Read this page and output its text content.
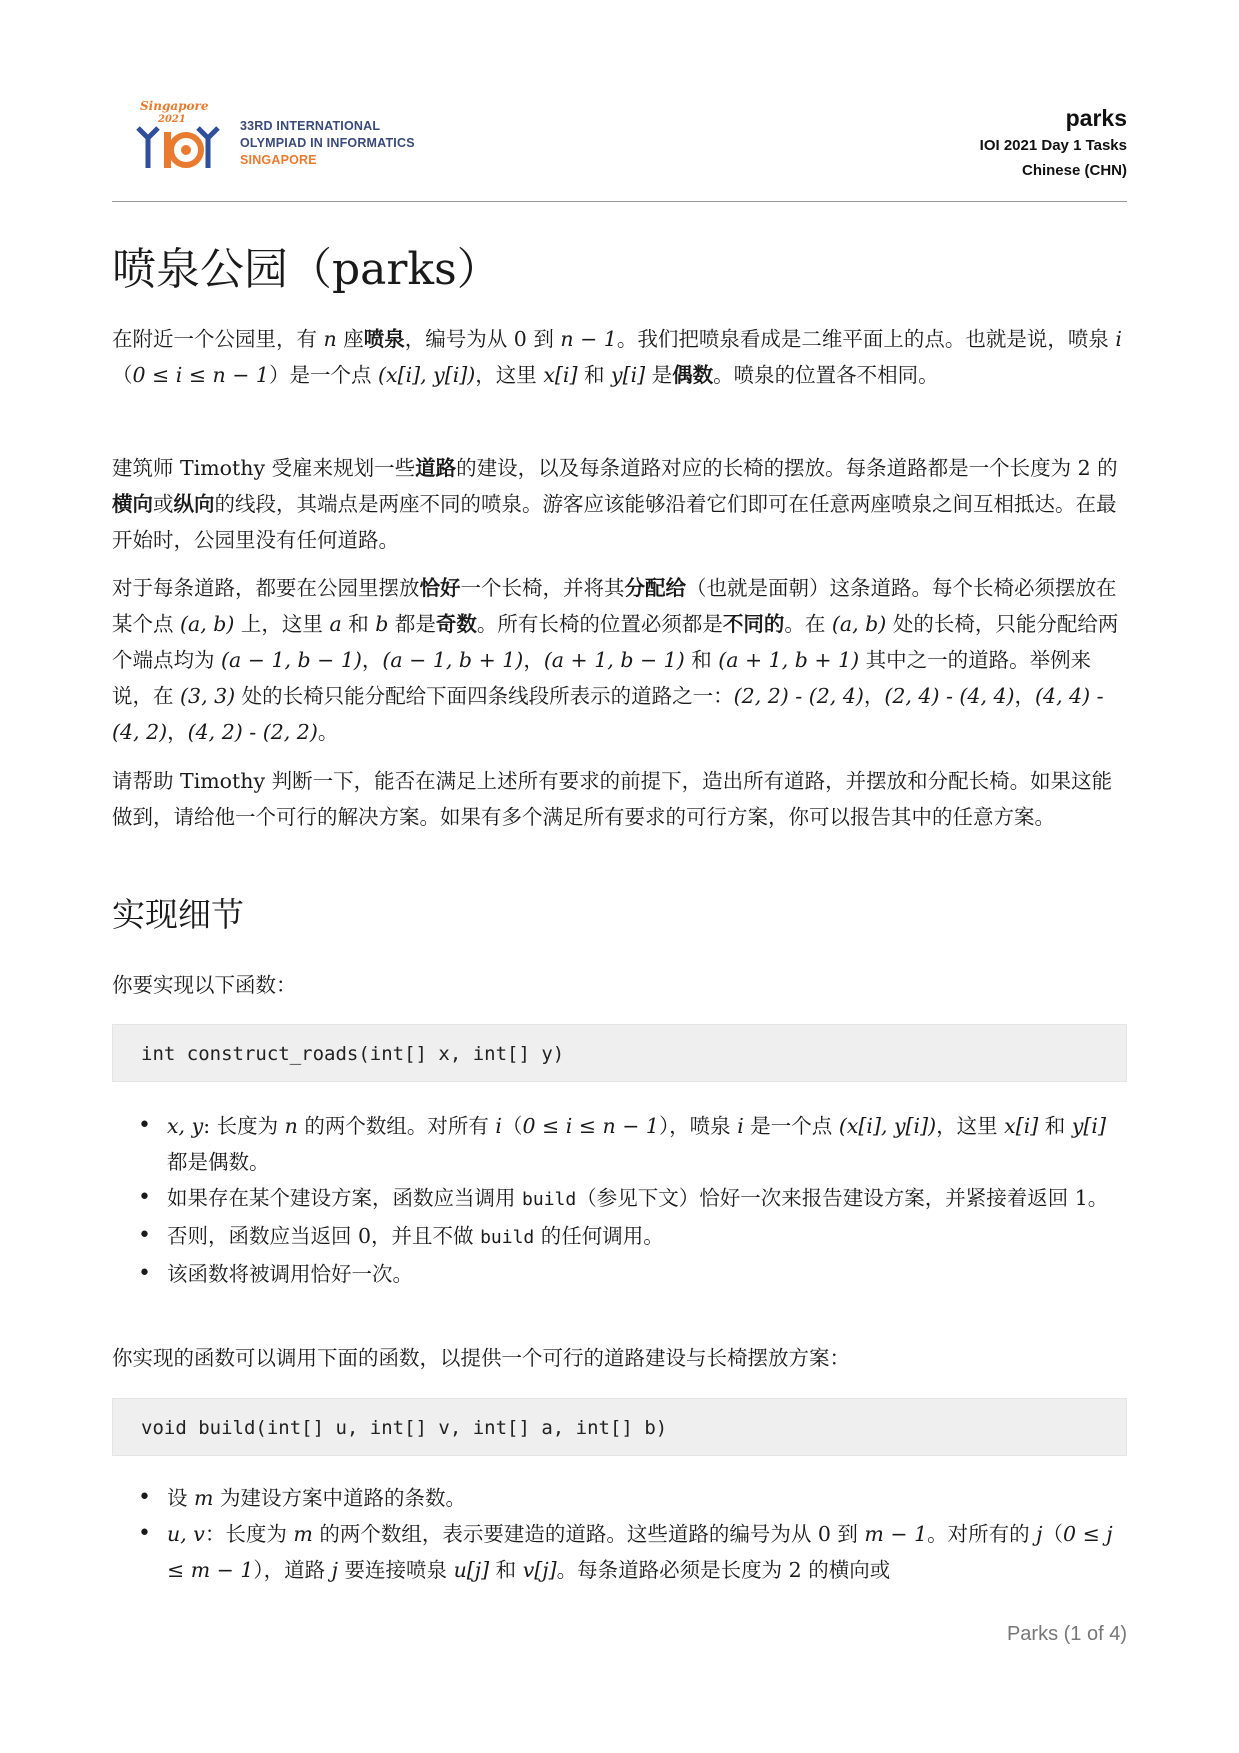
Singapore
2021	33RD INTERNATIONAL
OLYMPIAD IN INFORMATICS
SINGAPORE
parks
IOI 2021 Day 1 Tasks
Chinese (CHN)
喷泉公园（parks）

在附近一个公园里，有 n 座喷泉，编号为从 0 到 n − 1。我们把喷泉看成是二维平面上的点。也就是说，喷泉 i（0 ≤ i ≤ n − 1）是一个点 (x[i], y[i])，这里 x[i] 和 y[i] 是偶数。喷泉的位置各不相同。

建筑师 Timothy 受雇来规划一些道路的建设，以及每条道路对应的长椅的摆放。每条道路都是一个长度为 2 的横向或纵向的线段，其端点是两座不同的喷泉。游客应该能够沿着它们即可在任意两座喷泉之间互相抵达。在最开始时，公园里没有任何道路。

对于每条道路，都要在公园里摆放恰好一个长椅，并将其分配给（也就是面朝）这条道路。每个长椅必须摆放在某个点 (a, b) 上，这里 a 和 b 都是奇数。所有长椅的位置必须都是不同的。在 (a, b) 处的长椅，只能分配给两个端点均为 (a − 1, b − 1)，(a − 1, b + 1)，(a + 1, b − 1) 和 (a + 1, b + 1) 其中之一的道路。举例来说，在 (3, 3) 处的长椅只能分配给下面四条线段所表示的道路之一：(2, 2) - (2, 4)，(2, 4) - (4, 4)，(4, 4) - (4, 2)，(4, 2) - (2, 2)。

请帮助 Timothy 判断一下，能否在满足上述所有要求的前提下，造出所有道路，并摆放和分配长椅。如果这能做到，请给他一个可行的解决方案。如果有多个满足所有要求的可行方案，你可以报告其中的任意方案。

实现细节

你要实现以下函数：

int construct_roads(int[] x, int[] y)
• x, y: 长度为 n 的两个数组。对所有 i（0 ≤ i ≤ n − 1），喷泉 i 是一个点 (x[i], y[i])，这里 x[i] 和 y[i] 都是偶数。
• 如果存在某个建设方案，函数应当调用 build（参见下文）恰好一次来报告建设方案，并紧接着返回 1。
• 否则，函数应当返回 0，并且不做 build 的任何调用。
• 该函数将被调用恰好一次。

你实现的函数可以调用下面的函数，以提供一个可行的道路建设与长椅摆放方案：

void build(int[] u, int[] v, int[] a, int[] b)
• 设 m 为建设方案中道路的条数。
• u, v：长度为 m 的两个数组，表示要建造的道路。这些道路的编号为从 0 到 m − 1。对所有的 j（0 ≤ j ≤ m − 1），道路 j 要连接喷泉 u[j] 和 v[j]。每条道路必须是长度为 2 的横向或
Parks (1 of 4)
